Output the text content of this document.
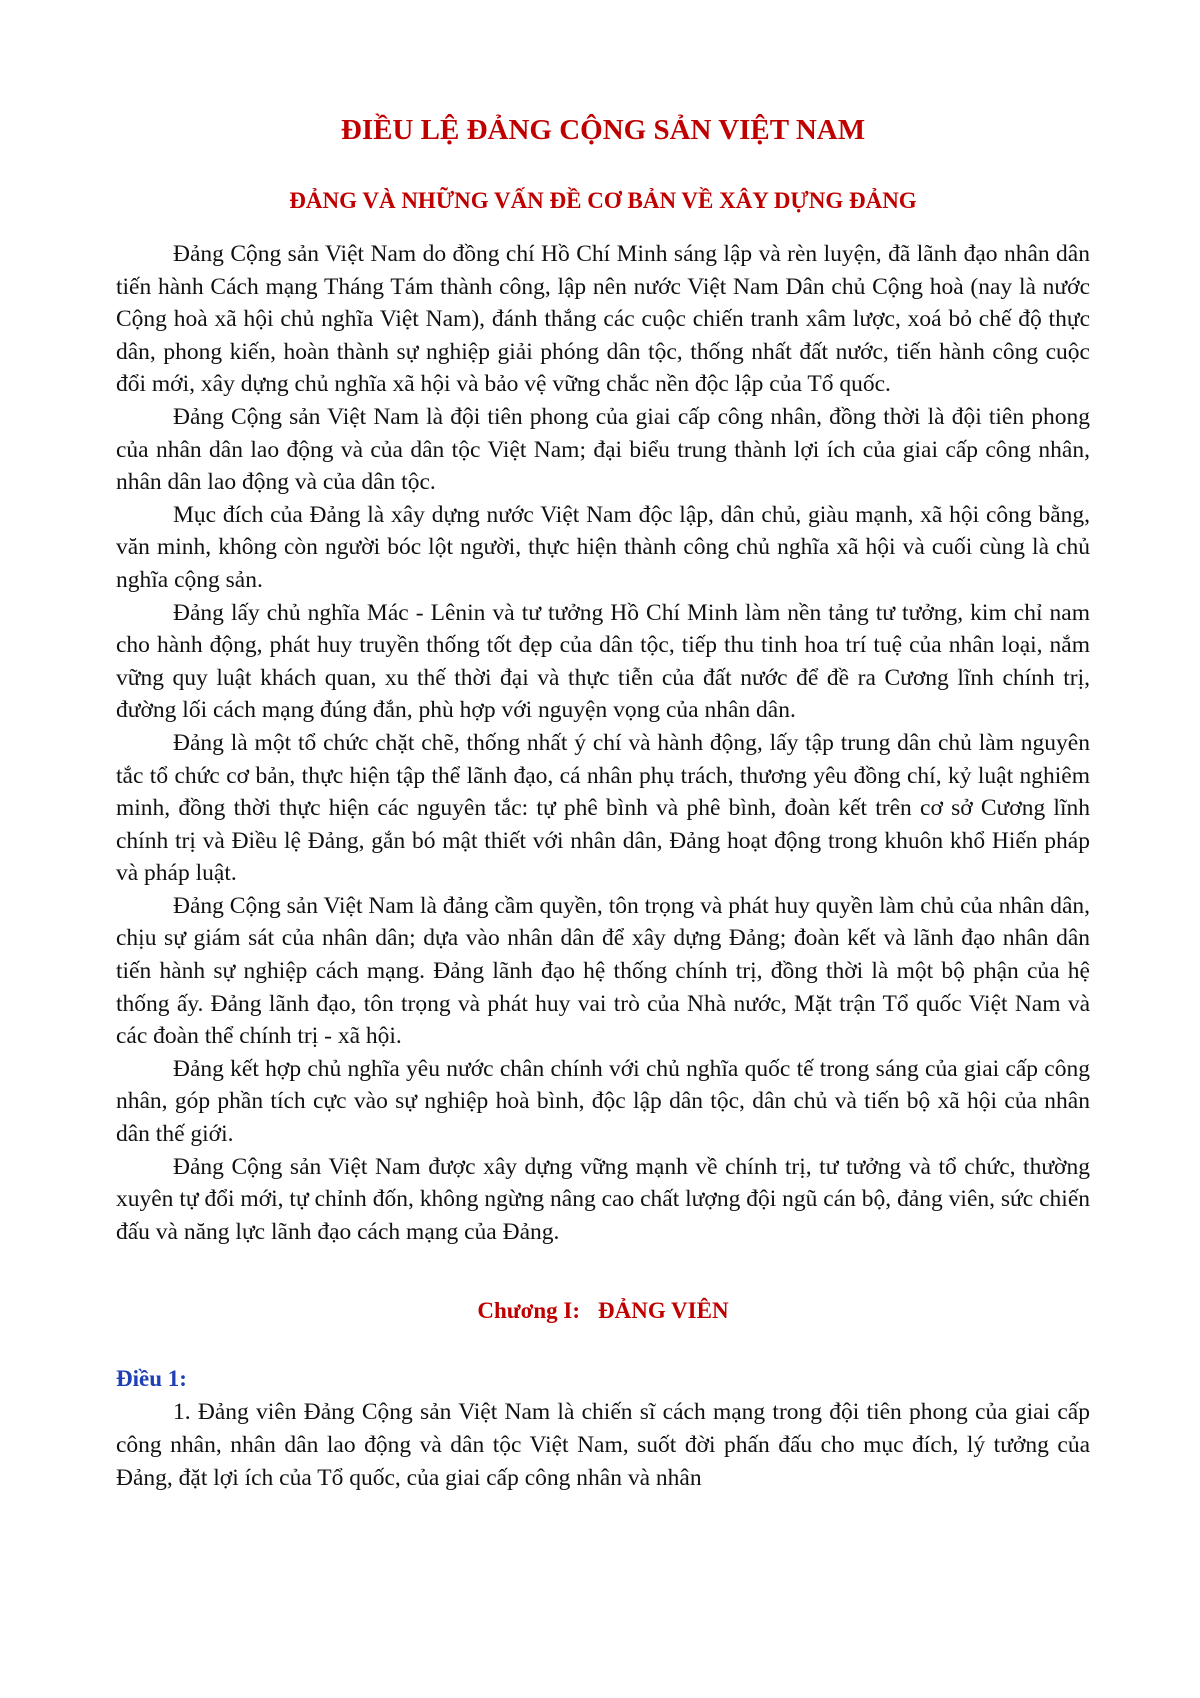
ĐIỀU LỆ ĐẢNG CỘNG SẢN VIỆT NAM
ĐẢNG VÀ NHỮNG VẤN ĐỀ CƠ BẢN VỀ XÂY DỰNG ĐẢNG

Đảng Cộng sản Việt Nam do đồng chí Hồ Chí Minh sáng lập và rèn luyện, đã lãnh đạo nhân dân tiến hành Cách mạng Tháng Tám thành công, lập nên nước Việt Nam Dân chủ Cộng hoà (nay là nước Cộng hoà xã hội chủ nghĩa Việt Nam), đánh thắng các cuộc chiến tranh xâm lược, xoá bỏ chế độ thực dân, phong kiến, hoàn thành sự nghiệp giải phóng dân tộc, thống nhất đất nước, tiến hành công cuộc đổi mới, xây dựng chủ nghĩa xã hội và bảo vệ vững chắc nền độc lập của Tổ quốc.

Đảng Cộng sản Việt Nam là đội tiên phong của giai cấp công nhân, đồng thời là đội tiên phong của nhân dân lao động và của dân tộc Việt Nam; đại biểu trung thành lợi ích của giai cấp công nhân, nhân dân lao động và của dân tộc.

Mục đích của Đảng là xây dựng nước Việt Nam độc lập, dân chủ, giàu mạnh, xã hội công bằng, văn minh, không còn người bóc lột người, thực hiện thành công chủ nghĩa xã hội và cuối cùng là chủ nghĩa cộng sản.

Đảng lấy chủ nghĩa Mác - Lênin và tư tưởng Hồ Chí Minh làm nền tảng tư tưởng, kim chỉ nam cho hành động, phát huy truyền thống tốt đẹp của dân tộc, tiếp thu tinh hoa trí tuệ của nhân loại, nắm vững quy luật khách quan, xu thế thời đại và thực tiễn của đất nước để đề ra Cương lĩnh chính trị, đường lối cách mạng đúng đắn, phù hợp với nguyện vọng của nhân dân.

Đảng là một tổ chức chặt chẽ, thống nhất ý chí và hành động, lấy tập trung dân chủ làm nguyên tắc tổ chức cơ bản, thực hiện tập thể lãnh đạo, cá nhân phụ trách, thương yêu đồng chí, kỷ luật nghiêm minh, đồng thời thực hiện các nguyên tắc: tự phê bình và phê bình, đoàn kết trên cơ sở Cương lĩnh chính trị và Điều lệ Đảng, gắn bó mật thiết với nhân dân, Đảng hoạt động trong khuôn khổ Hiến pháp và pháp luật.

Đảng Cộng sản Việt Nam là đảng cầm quyền, tôn trọng và phát huy quyền làm chủ của nhân dân, chịu sự giám sát của nhân dân; dựa vào nhân dân để xây dựng Đảng; đoàn kết và lãnh đạo nhân dân tiến hành sự nghiệp cách mạng. Đảng lãnh đạo hệ thống chính trị, đồng thời là một bộ phận của hệ thống ấy. Đảng lãnh đạo, tôn trọng và phát huy vai trò của Nhà nước, Mặt trận Tổ quốc Việt Nam và các đoàn thể chính trị - xã hội.

Đảng kết hợp chủ nghĩa yêu nước chân chính với chủ nghĩa quốc tế trong sáng của giai cấp công nhân, góp phần tích cực vào sự nghiệp hoà bình, độc lập dân tộc, dân chủ và tiến bộ xã hội của nhân dân thế giới.

Đảng Cộng sản Việt Nam được xây dựng vững mạnh về chính trị, tư tưởng và tổ chức, thường xuyên tự đổi mới, tự chỉnh đốn, không ngừng nâng cao chất lượng đội ngũ cán bộ, đảng viên, sức chiến đấu và năng lực lãnh đạo cách mạng của Đảng.

Chương I: ĐẢNG VIÊN
Điều 1:

1. Đảng viên Đảng Cộng sản Việt Nam là chiến sĩ cách mạng trong đội tiên phong của giai cấp công nhân, nhân dân lao động và dân tộc Việt Nam, suốt đời phấn đấu cho mục đích, lý tưởng của Đảng, đặt lợi ích của Tổ quốc, của giai cấp công nhân và nhân
